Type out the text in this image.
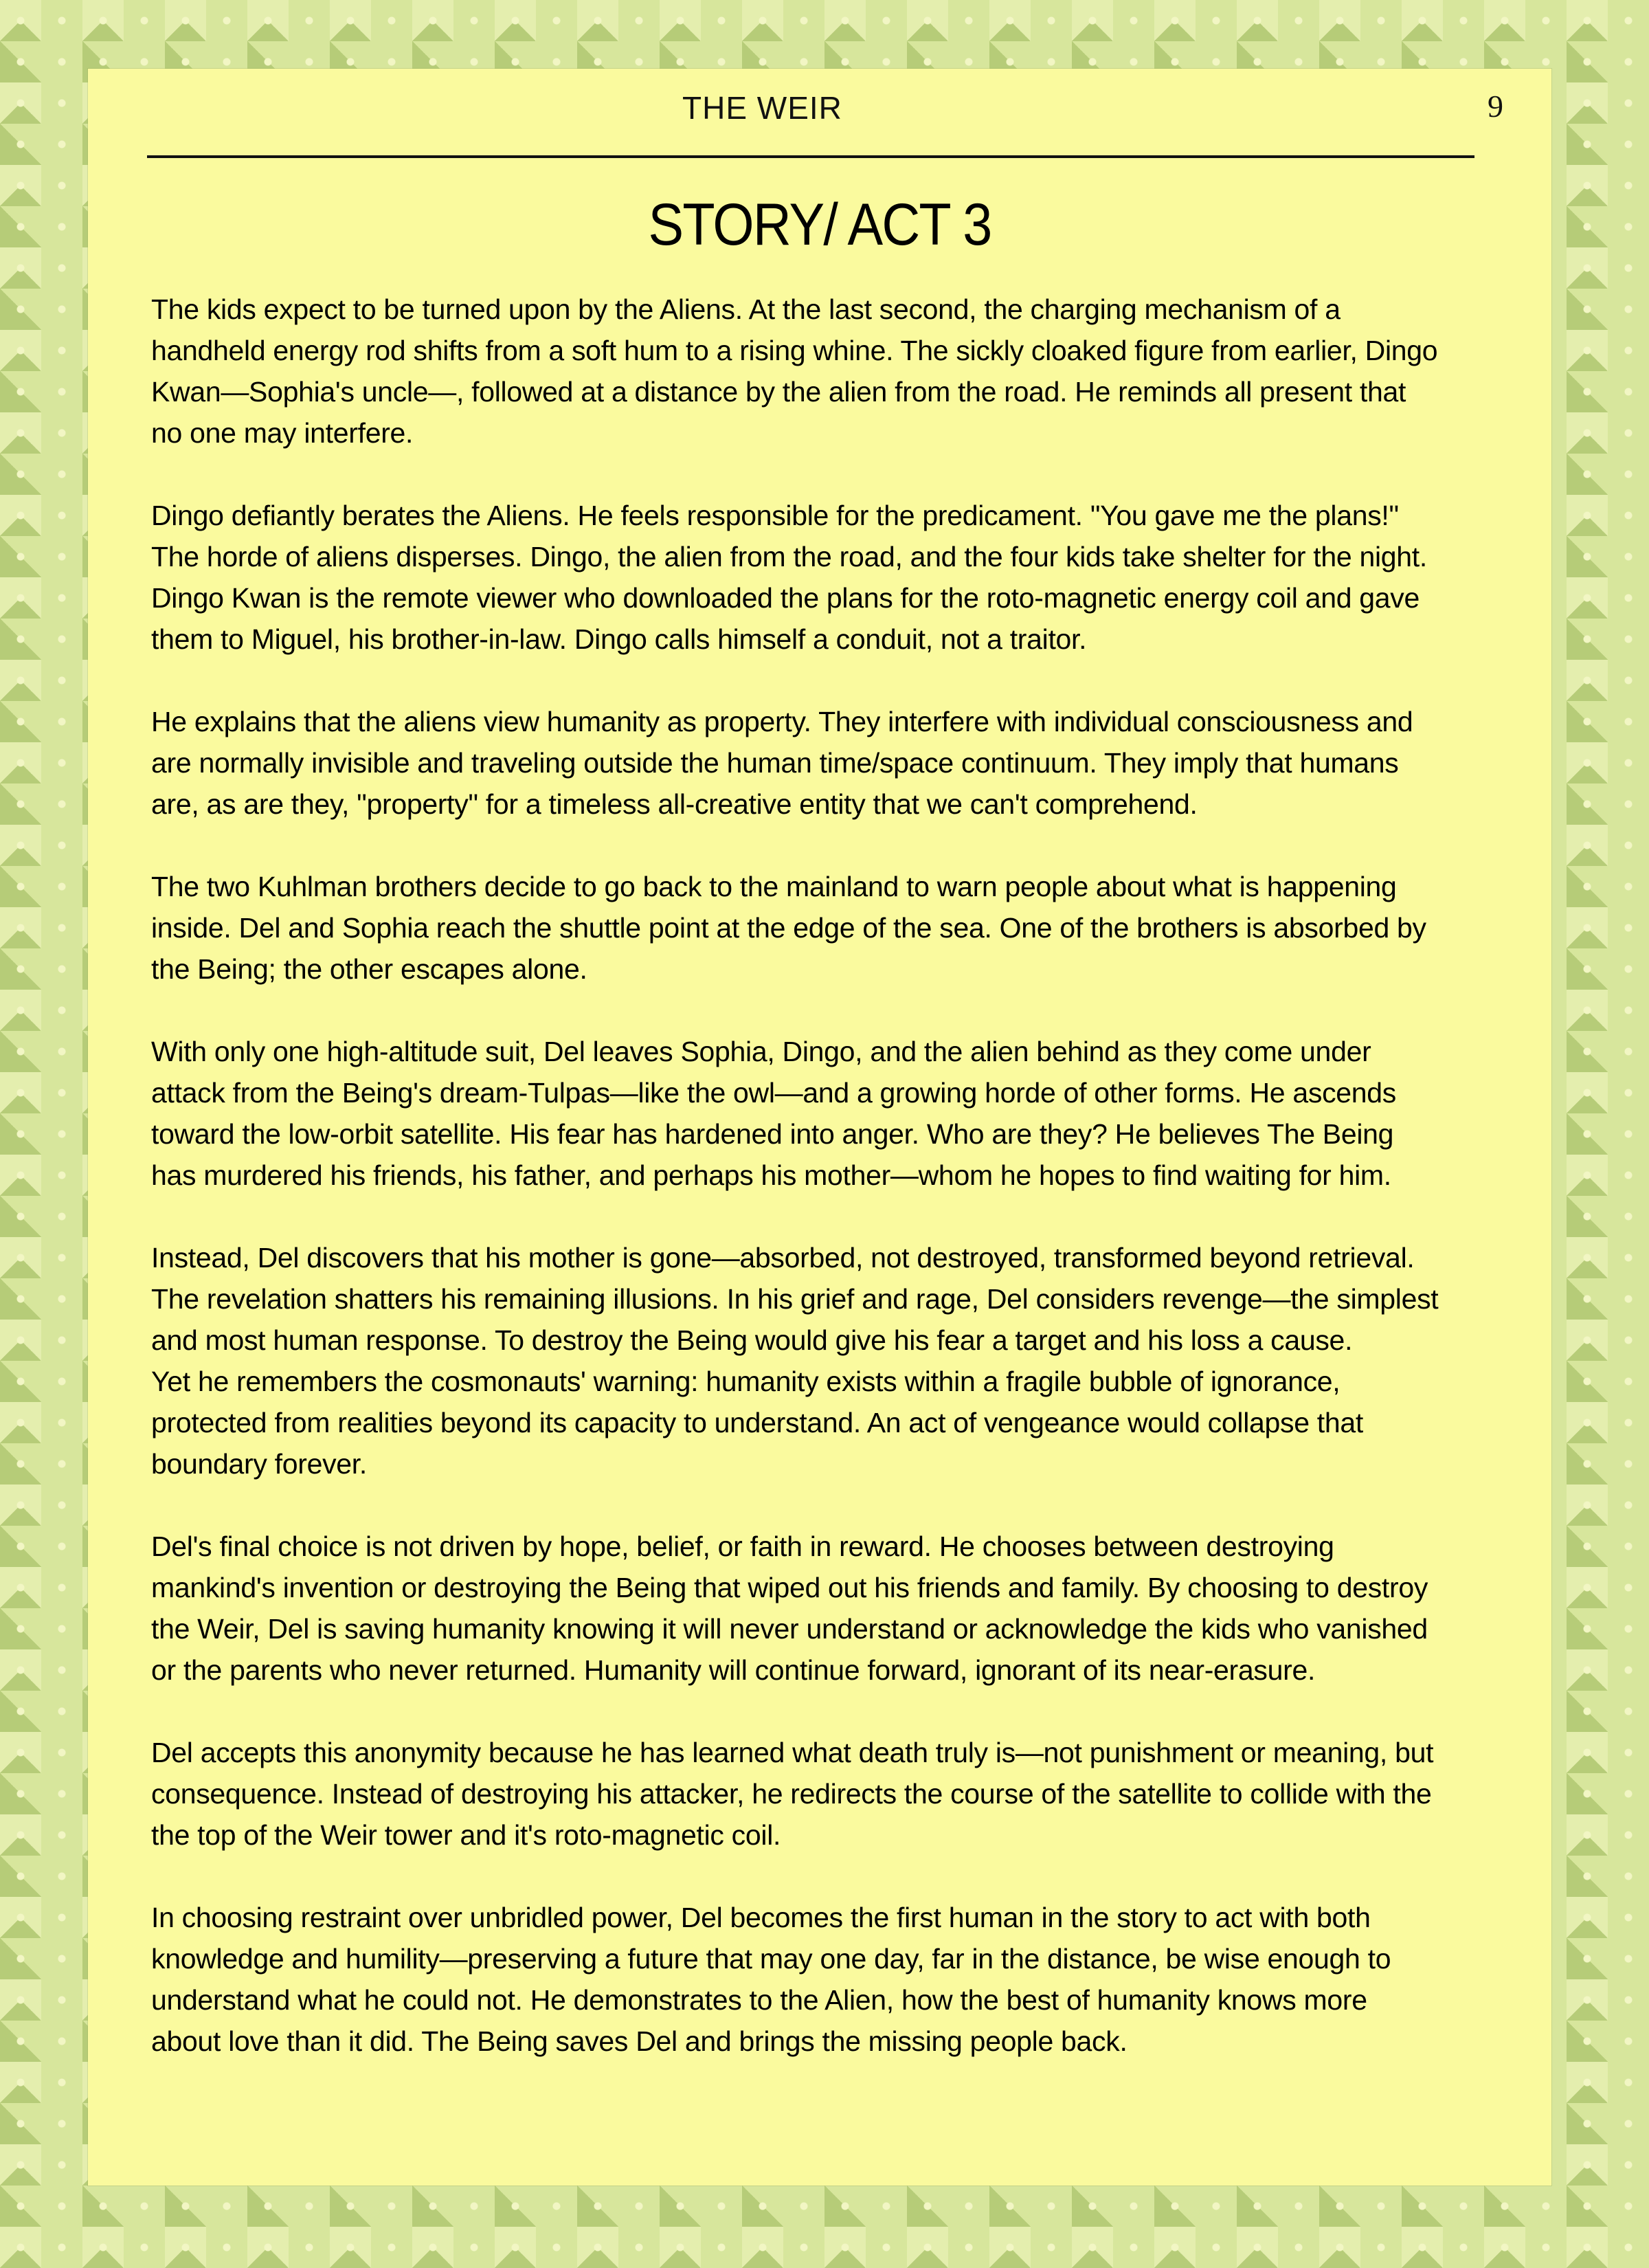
THE WEIR	9
STORY/ ACT 3

The kids expect to be turned upon by the Aliens. At the last second, the charging mechanism of a
handheld energy rod shifts from a soft hum to a rising whine. The sickly cloaked figure from earlier, Dingo
Kwan—Sophia's uncle—, followed at a distance by the alien from the road. He reminds all present that
no one may interfere.

Dingo defiantly berates the Aliens. He feels responsible for the predicament. "You gave me the plans!"
The horde of aliens disperses. Dingo, the alien from the road, and the four kids take shelter for the night.
Dingo Kwan is the remote viewer who downloaded the plans for the roto-magnetic energy coil and gave
them to Miguel, his brother-in-law. Dingo calls himself a conduit, not a traitor.

He explains that the aliens view humanity as property. They interfere with individual consciousness and
are normally invisible and traveling outside the human time/space continuum. They imply that humans
are, as are they, "property" for a timeless all-creative entity that we can't comprehend.

The two Kuhlman brothers decide to go back to the mainland to warn people about what is happening
inside. Del and Sophia reach the shuttle point at the edge of the sea. One of the brothers is absorbed by
the Being; the other escapes alone.

With only one high-altitude suit, Del leaves Sophia, Dingo, and the alien behind as they come under
attack from the Being's dream-Tulpas—like the owl—and a growing horde of other forms. He ascends
toward the low-orbit satellite. His fear has hardened into anger. Who are they? He believes The Being
has murdered his friends, his father, and perhaps his mother—whom he hopes to find waiting for him.

Instead, Del discovers that his mother is gone—absorbed, not destroyed, transformed beyond retrieval.
The revelation shatters his remaining illusions. In his grief and rage, Del considers revenge—the simplest
and most human response. To destroy the Being would give his fear a target and his loss a cause.
Yet he remembers the cosmonauts' warning: humanity exists within a fragile bubble of ignorance,
protected from realities beyond its capacity to understand. An act of vengeance would collapse that
boundary forever.

Del's final choice is not driven by hope, belief, or faith in reward. He chooses between destroying
mankind's invention or destroying the Being that wiped out his friends and family. By choosing to destroy
the Weir, Del is saving humanity knowing it will never understand or acknowledge the kids who vanished
or the parents who never returned. Humanity will continue forward, ignorant of its near-erasure.

Del accepts this anonymity because he has learned what death truly is—not punishment or meaning, but
consequence. Instead of destroying his attacker, he redirects the course of the satellite to collide with the
the top of the Weir tower and it's roto-magnetic coil.

In choosing restraint over unbridled power, Del becomes the first human in the story to act with both
knowledge and humility—preserving a future that may one day, far in the distance, be wise enough to
understand what he could not. He demonstrates to the Alien, how the best of humanity knows more
about love than it did. The Being saves Del and brings the missing people back.
